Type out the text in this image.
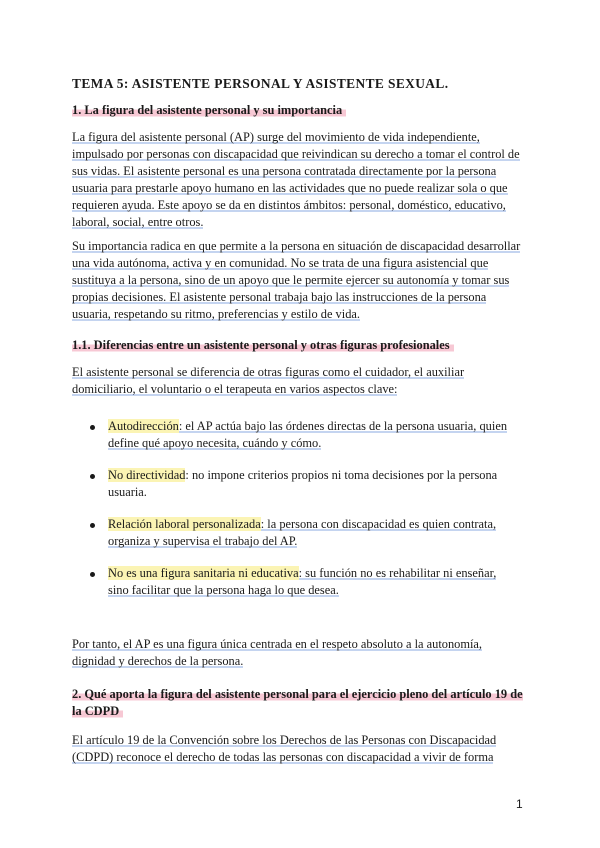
TEMA 5: ASISTENTE PERSONAL Y ASISTENTE SEXUAL.
1. La figura del asistente personal y su importancia

La figura del asistente personal (AP) surge del movimiento de vida independiente, impulsado por personas con discapacidad que reivindican su derecho a tomar el control de sus vidas. El asistente personal es una persona contratada directamente por la persona usuaria para prestarle apoyo humano en las actividades que no puede realizar sola o que requieren ayuda. Este apoyo se da en distintos ámbitos: personal, doméstico, educativo, laboral, social, entre otros.

Su importancia radica en que permite a la persona en situación de discapacidad desarrollar una vida autónoma, activa y en comunidad. No se trata de una figura asistencial que sustituya a la persona, sino de un apoyo que le permite ejercer su autonomía y tomar sus propias decisiones. El asistente personal trabaja bajo las instrucciones de la persona usuaria, respetando su ritmo, preferencias y estilo de vida.

1.1. Diferencias entre un asistente personal y otras figuras profesionales

El asistente personal se diferencia de otras figuras como el cuidador, el auxiliar domiciliario, el voluntario o el terapeuta en varios aspectos clave:

Autodirección: el AP actúa bajo las órdenes directas de la persona usuaria, quien define qué apoyo necesita, cuándo y cómo.

No directividad: no impone criterios propios ni toma decisiones por la persona usuaria.

Relación laboral personalizada: la persona con discapacidad es quien contrata, organiza y supervisa el trabajo del AP.

No es una figura sanitaria ni educativa: su función no es rehabilitar ni enseñar, sino facilitar que la persona haga lo que desea.

Por tanto, el AP es una figura única centrada en el respeto absoluto a la autonomía, dignidad y derechos de la persona.

2. Qué aporta la figura del asistente personal para el ejercicio pleno del artículo 19 de la CDPD

El artículo 19 de la Convención sobre los Derechos de las Personas con Discapacidad (CDPD) reconoce el derecho de todas las personas con discapacidad a vivir de forma

1
